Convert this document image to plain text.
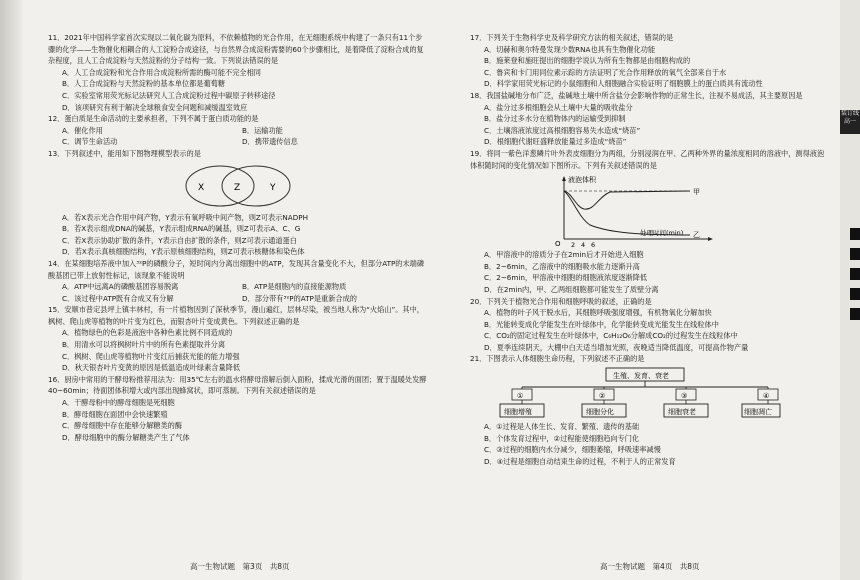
装订线 高一

11．2021年中国科学家首次实现以二氧化碳为原料，不依赖植物的光合作用，在无细胞系统中构建了一条只有11个步骤的化学——生物催化相耦合的人工淀粉合成途径，与自然界合成淀粉需要的60个步骤相比，是着降低了淀粉合成的复杂程度，且人工合成淀粉与天然淀粉的分子结构一致。下列说法错误的是

A．人工合成淀粉和光合作用合成淀粉所需的酶可能不完全相同

B．人工合成淀粉与天然淀粉的基本单位都是葡萄糖

C．实验室常用荧光标记法研究人工合成淀粉过程中碳原子转移途径

D．该项研究有利于解决全球粮食安全问题和减缓温室效应

12．蛋白质是生命活动的主要承担者，下列不属于蛋白质功能的是

A．催化作用	B．运输功能
C．调节生命活动	D．携带遗传信息

13．下列叙述中，能用如下图物理模型表示的是

X	Z	Y

A．若X表示光合作用中间产物，Y表示有氧呼吸中间产物，则Z可表示NADPH

B．若X表示组成DNA的碱基，Y表示组成RNA的碱基，则Z可表示A、C、G

C．若X表示协助扩散的条件，Y表示自由扩散的条件，则Z可表示通道蛋白

D．若X表示真核细胞结构，Y表示原核细胞结构，则Z可表示核糖体和染色体

14．在某细胞培养液中加入³²P的磷酸分子，短时间内分离出细胞中的ATP，发现其含量变化不大，但部分ATP的末端磷酸基团已带上放射性标记，该现象不能说明

A．ATP中远离A的磷酸基团容易脱离	B．ATP是细胞内的直接能源物质
C．该过程中ATP既有合成又有分解	D．部分带有³²P的ATP是重新合成的

15．安顺市普定县坪上镇丰林村，有一片植物因到了深秋季节，漫山遍红，层林尽染，被当地人称为“火焰山”。其中，枫树、爬山虎等植物的叶片变为红色，而银杏叶片变成黄色。下列叙述正确的是

A．植物绿色的色彩是液泡中各种色素比例不同造成的

B．用清水可以将枫树叶片中的所有色素提取并分离

C．枫树、爬山虎等植物叶片变红后捕获光能的能力增强

D．秋天银杏叶片变黄的原因是低温造成叶绿素含量降低

16．厨房中常用的干酵母粉推荐用法为：用35℃左右的温水将酵母溶解后倒入面粉，揉成光滑的面团；置于温暖处发酵40~60min；待面团体积增大或内部出现蜂窝状，即可蒸制。下列有关叙述错误的是

A．干酵母粉中的酵母细胞是死细胞

B．酵母细胞在面团中会快速繁殖

C．酵母细胞中存在能够分解糖类的酶

D．酵母细胞中的酶分解糖类产生了气体

17．下列关于生物科学史及科学研究方法的相关叙述，错误的是

A．切赫和奥尔特曼发现少数RNA也具有生物催化功能

B．施莱登和施旺提出的细胞学说认为所有生物都是由细胞构成的

C．鲁宾和卡门用同位素示踪的方法证明了光合作用释放的氧气全部来自于水

D．科学家用荧光标记的小鼠细胞和人细胞融合实验证明了细胞膜上的蛋白质具有流动性

18．我国盐碱地分布广泛，盐碱地土壤中所含盐分会影响作物的正常生长，注视不易成活，其主要原因是

A．盐分过多根细胞会从土壤中大量的吸收盐分

B．盐分过多水分在植物体内的运输受到抑制

C．土壤溶液浓度过高根细胞容易失水造成“烧苗”

D．根细胞代谢旺盛释放能量过多造成“烧苗”

19．将同一紫色洋葱鳞片叶外表皮细胞分为两组，分别浸润在甲、乙两种外界的量浓度相同的溶液中，测得液泡体积随时间的变化情况如下图所示。下列有关叙述错误的是

液泡体积
处理时间(min)
O 2 4 6
甲
乙

A．甲溶液中的溶质分子在2min后才开始进入细胞

B．2~6min，乙溶液中的细胞吸水能力逐渐升高

C．2~6min，甲溶液中细胞的细胞液浓度逐渐降低

D．在2min内，甲、乙两组细胞都可能发生了质壁分离

20．下列关于植物光合作用和细胞呼吸的叙述，正确的是

A．植物的叶子风干脱水后，其细胞呼吸强度增强，有机物氧化分解加快

B．光能转变成化学能发生在叶绿体中，化学能转变成光能发生在线粒体中

C．CO₂的固定过程发生在叶绿体中，C₆H₁₂O₆分解成CO₂的过程发生在线粒体中

D．夏季连续阴天，大棚中白天适当增加光照，夜晚适当降低温度，可提高作物产量

21．下图表示人体细胞生命历程，下列叙述不正确的是

生殖、发育、衰老
①	②	③	④
细胞增殖	细胞分化	细胞衰老	细胞凋亡

A．①过程是人体生长、发育、繁殖、遗传的基础

B．个体发育过程中，②过程能使细胞趋向专门化

C．③过程的细胞内水分减少，细胞萎缩，呼吸速率减慢

D．④过程是细胞自动结束生命的过程，不利于人的正常发育

高一生物试题　第3页　共8页	高一生物试题　第4页　共8页
